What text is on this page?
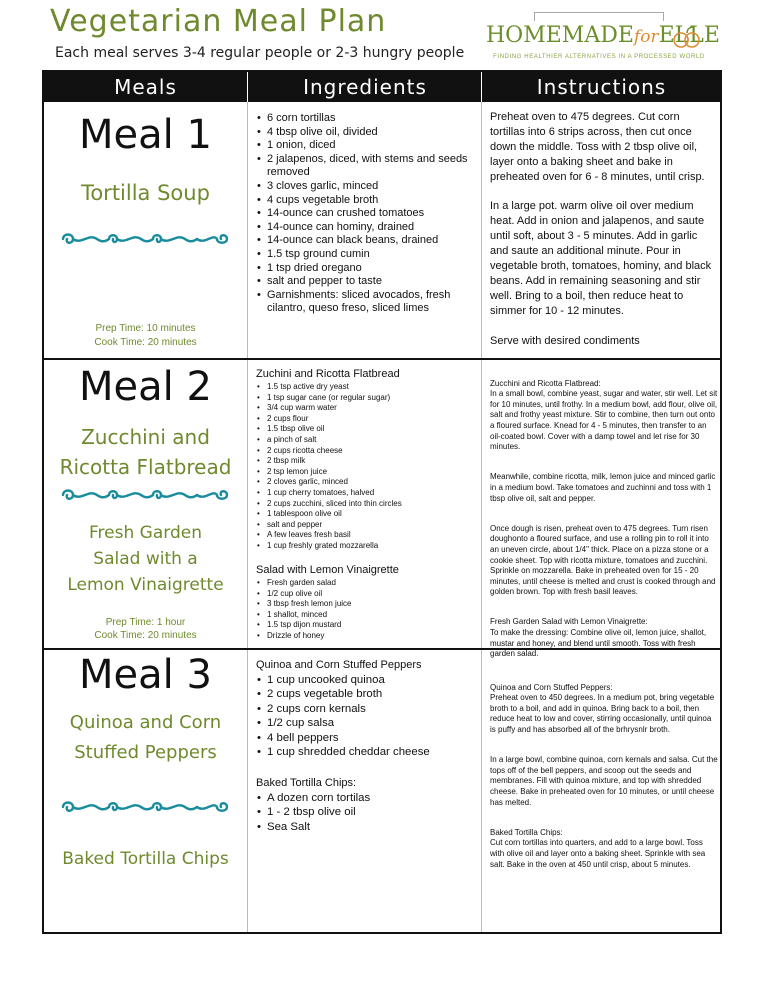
Vegetarian Meal Plan
Each meal serves 3-4 regular people or 2-3 hungry people
HOMEMADEforELLE
FINDING HEALTHIER ALTERNATIVES IN A PROCESSED WORLD
Meals	Ingredients	Instructions
Meal 1
Tortilla Soup
Prep Time: 10 minutes
Cook Time: 20 minutes
• 6 corn tortillas
• 4 tbsp olive oil, divided
• 1 onion, diced
• 2 jalapenos, diced, with stems and seeds removed
• 3 cloves garlic, minced
• 4 cups vegetable broth
• 14-ounce can crushed tomatoes
• 14-ounce can hominy, drained
• 14-ounce can black beans, drained
• 1.5 tsp ground cumin
• 1 tsp dried oregano
• salt and pepper to taste
• Garnishments: sliced avocados, fresh cilantro, queso freso, sliced limes

Preheat oven to 475 degrees. Cut corn tortillas into 6 strips across, then cut once down the middle. Toss with 2 tbsp olive oil, layer onto a baking sheet and bake in preheated oven for 6 - 8 minutes, until crisp.

In a large pot. warm olive oil over medium heat. Add in onion and jalapenos, and saute until soft, about 3 - 5 minutes. Add in garlic and saute an additional minute. Pour in vegetable broth, tomatoes, hominy, and black beans. Add in remaining seasoning and stir well. Bring to a boil, then reduce heat to simmer for 10 - 12 minutes.

Serve with desired condiments

Meal 2
Zucchini and Ricotta Flatbread
Fresh Garden Salad with a Lemon Vinaigrette
Prep Time: 1 hour
Cook Time: 20 minutes
Zuchini and Ricotta Flatbread
• 1.5 tsp active dry yeast
• 1 tsp sugar cane (or regular sugar)
• 3/4 cup warm water
• 2 cups flour
• 1.5 tbsp olive oil
• a pinch of salt
• 2 cups ricotta cheese
• 2 tbsp milk
• 2 tsp lemon juice
• 2 cloves garlic, minced
• 1 cup cherry tomatoes, halved
• 2 cups zucchini, sliced into thin circles
• 1 tablespoon olive oil
• salt and pepper
• A few leaves fresh basil
• 1 cup freshly grated mozzarella
Salad with Lemon Vinaigrette
• Fresh garden salad
• 1/2 cup olive oil
• 3 tbsp fresh lemon juice
• 1 shallot, minced
• 1.5 tsp dijon mustard
• Drizzle of honey

Zucchini and Ricotta Flatbread:
In a small bowl, combine yeast, sugar and water, stir well. Let sit for 10 minutes, until frothy. In a medium bowl, add flour, olive oil, salt and frothy yeast mixture. Stir to combine, then turn out onto a floured surface. Knead for 4 - 5 minutes, then transfer to an oil-coated bowl. Cover with a damp towel and let rise for 30 minutes.

Meanwhile, combine ricotta, milk, lemon juice and minced garlic in a medium bowl. Take tomatoes and zuchinni and toss with 1 tbsp olive oil, salt and pepper.

Once dough is risen, preheat oven to 475 degrees. Turn risen doughonto a floured surface, and use a rolling pin to roll it into an uneven circle, about 1/4" thick. Place on a pizza stone or a cookie sheet. Top with ricotta mixture, tomatoes and zucchini. Sprinkle on mozzarella. Bake in preheated oven for 15 - 20 minutes, until cheese is melted and crust is cooked through and golden brown. Top with fresh basil leaves.

Fresh Garden Salad with Lemon Vinaigrette:
To make the dressing: Combine olive oil, lemon juice, shallot, mustar and honey, and blend until smooth. Toss with fresh garden salad.

Meal 3
Quinoa and Corn Stuffed Peppers
Baked Tortilla Chips
Quinoa and Corn Stuffed Peppers
• 1 cup uncooked quinoa
• 2 cups vegetable broth
• 2 cups corn kernals
• 1/2 cup salsa
• 4 bell peppers
• 1 cup shredded cheddar cheese
Baked Tortilla Chips:
• A dozen corn tortilas
• 1 - 2 tbsp olive oil
• Sea Salt

Quinoa and Corn Stuffed Peppers:
Preheat oven to 450 degrees. In a medium pot, bring vegetable broth to a boil, and add in quinoa. Bring back to a boil, then reduce heat to low and cover, stirring occasionally, until quinoa is puffy and has absorbed all of the brhrysnlr broth.

In a large bowl, combine quinoa, corn kernals and salsa. Cut the tops off of the bell peppers, and scoop out the seeds and membranes. Fill with quinoa mixture, and top with shredded cheese. Bake in preheated oven for 10 minutes, or until cheese has melted.

Baked Tortilla Chips:
Cut corn tortillas into quarters, and add to a large bowl. Toss with olive oil and layer onto a baking sheet. Sprinkle with sea salt. Bake in the oven at 450 until crisp, about 5 minutes.
